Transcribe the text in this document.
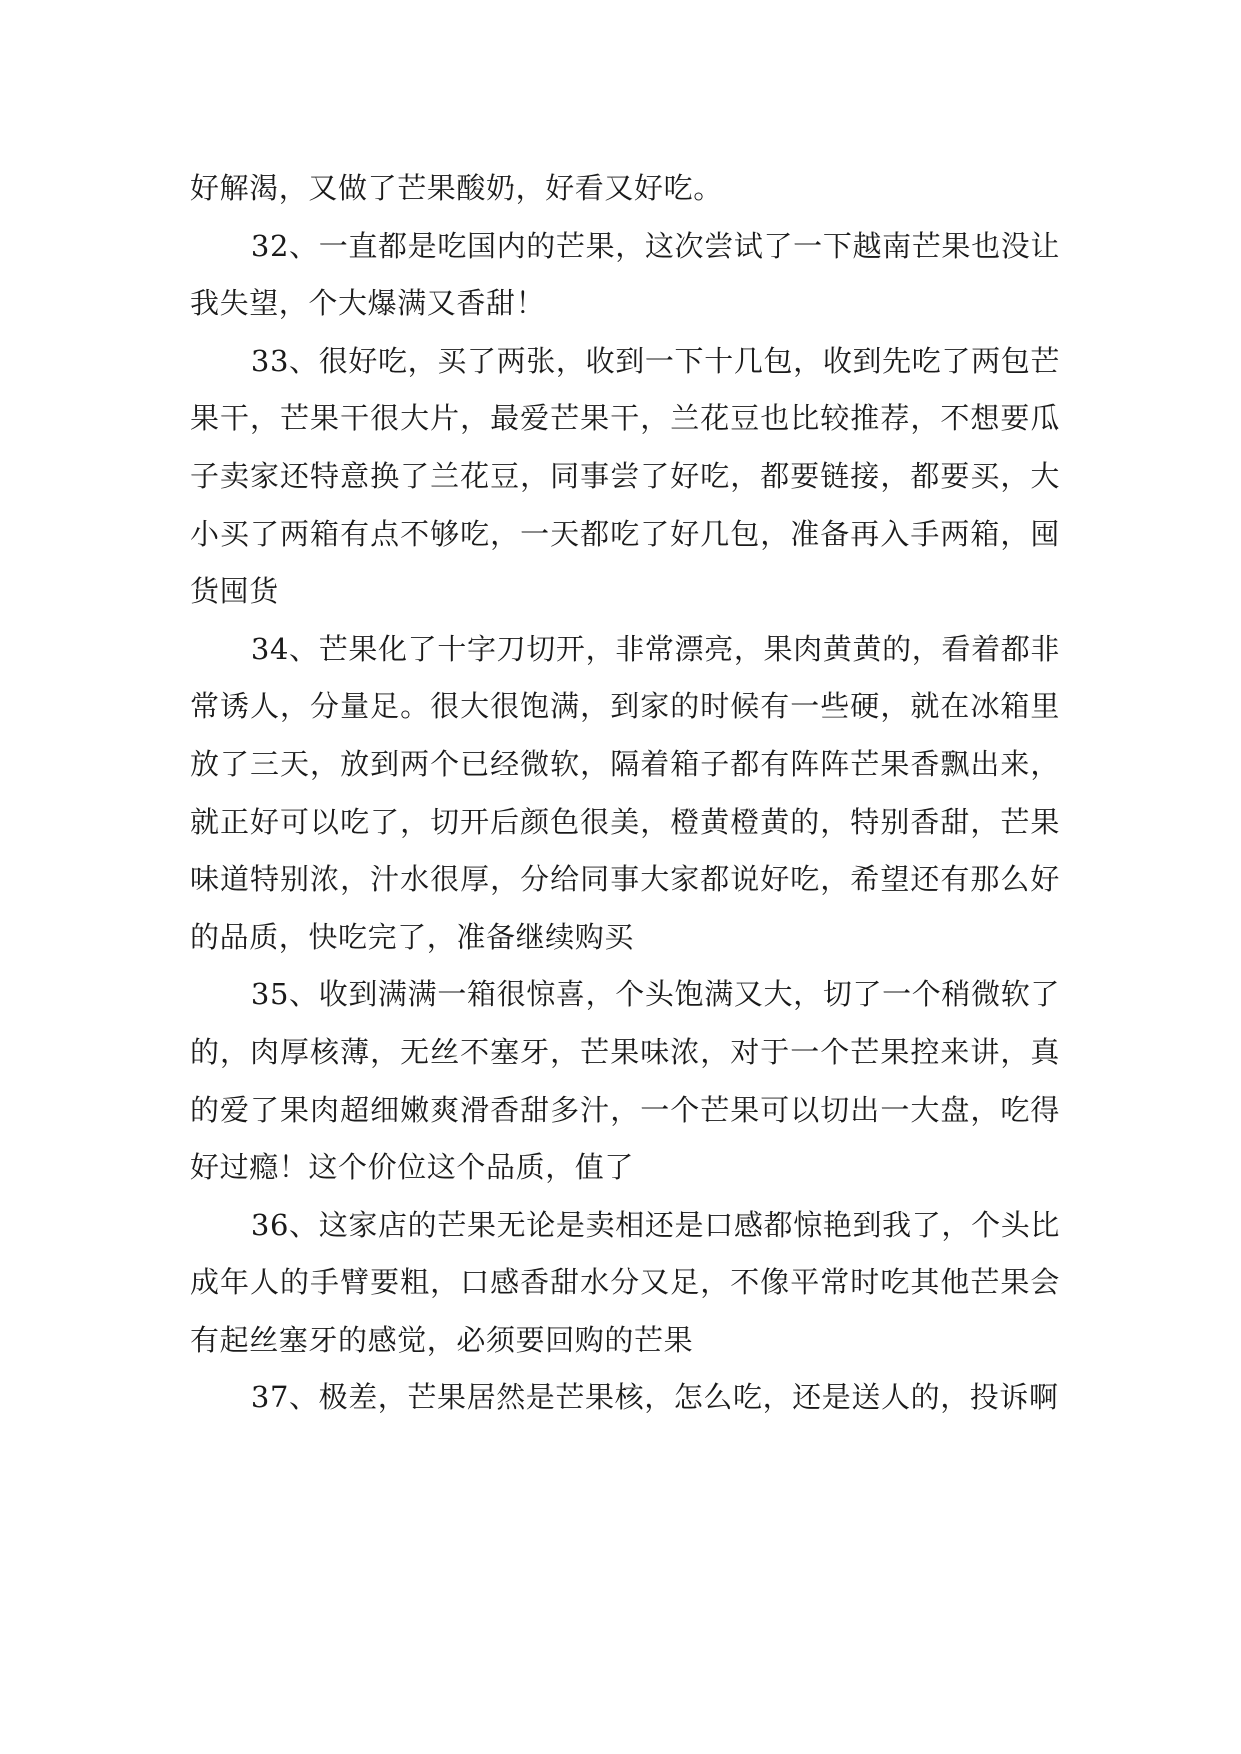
好解渴，又做了芒果酸奶，好看又好吃。

32、一直都是吃国内的芒果，这次尝试了一下越南芒果也没让我失望，个大爆满又香甜！

33、很好吃，买了两张，收到一下十几包，收到先吃了两包芒果干，芒果干很大片，最爱芒果干，兰花豆也比较推荐，不想要瓜子卖家还特意换了兰花豆，同事尝了好吃，都要链接，都要买，大小买了两箱有点不够吃，一天都吃了好几包，准备再入手两箱，囤货囤货

34、芒果化了十字刀切开，非常漂亮，果肉黄黄的，看着都非常诱人，分量足。很大很饱满，到家的时候有一些硬，就在冰箱里放了三天，放到两个已经微软，隔着箱子都有阵阵芒果香飘出来，就正好可以吃了，切开后颜色很美，橙黄橙黄的，特别香甜，芒果味道特别浓，汁水很厚，分给同事大家都说好吃，希望还有那么好的品质，快吃完了，准备继续购买

35、收到满满一箱很惊喜，个头饱满又大，切了一个稍微软了的，肉厚核薄，无丝不塞牙，芒果味浓，对于一个芒果控来讲，真的爱了果肉超细嫩爽滑香甜多汁，一个芒果可以切出一大盘，吃得好过瘾！这个价位这个品质，值了

36、这家店的芒果无论是卖相还是口感都惊艳到我了，个头比成年人的手臂要粗，口感香甜水分又足，不像平常时吃其他芒果会有起丝塞牙的感觉，必须要回购的芒果

37、极差，芒果居然是芒果核，怎么吃，还是送人的，投诉啊
